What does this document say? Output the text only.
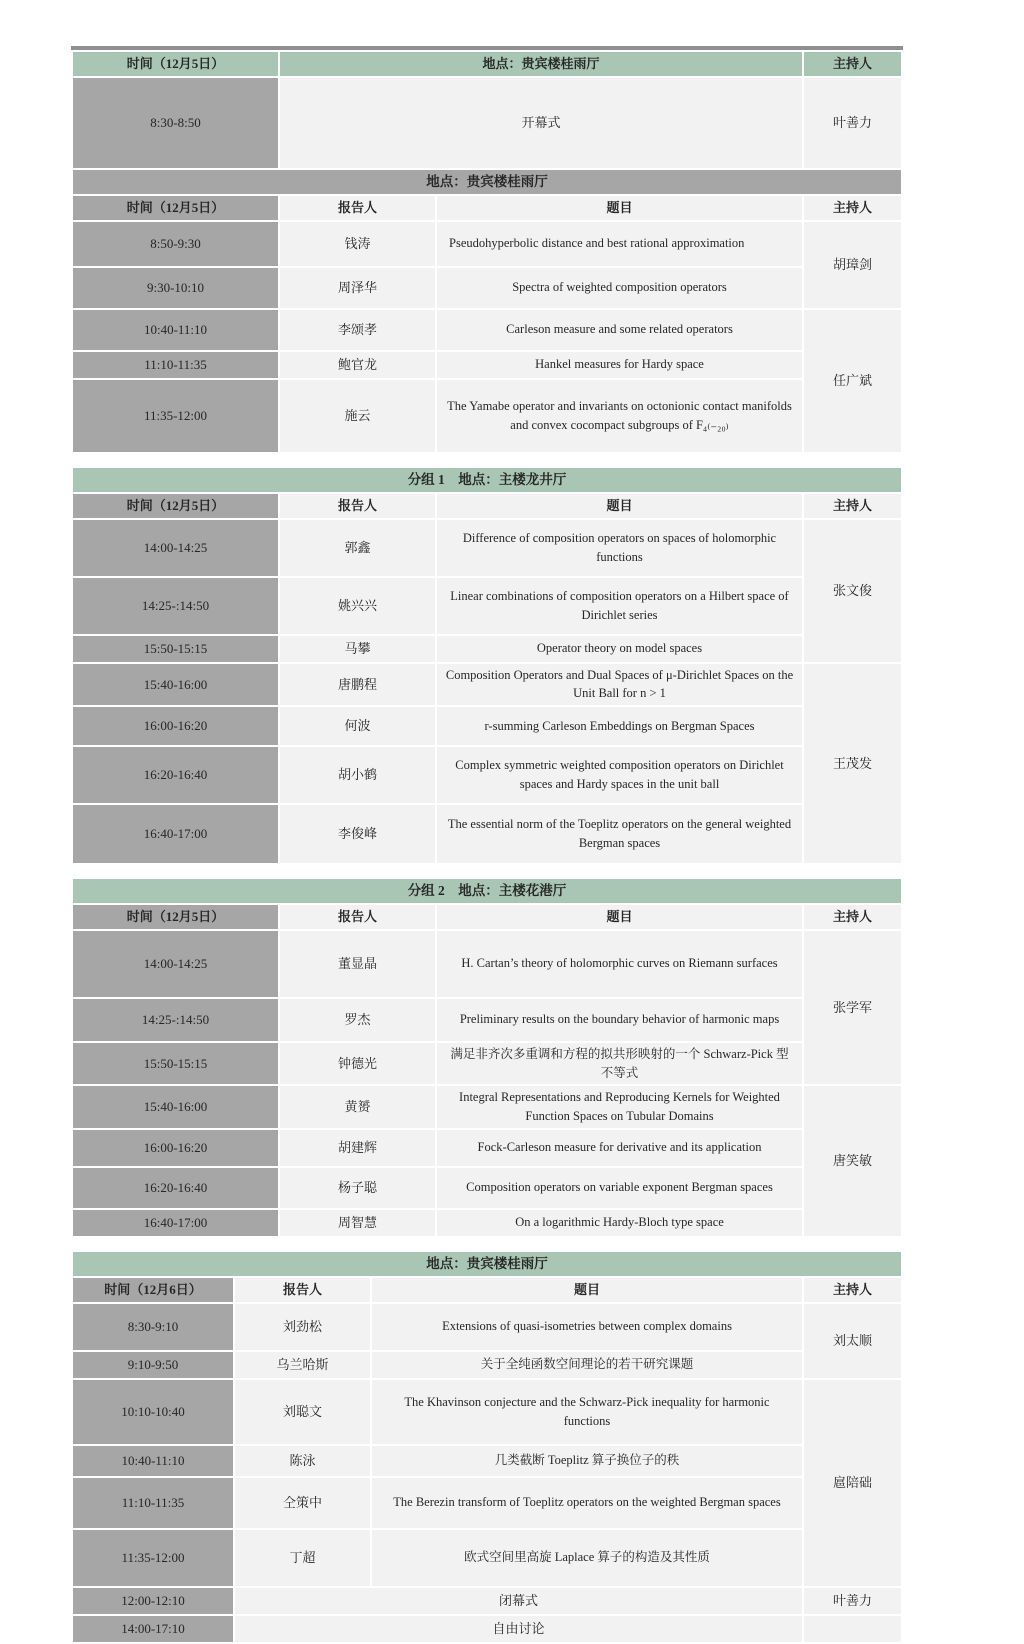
时间（12月5日）	地点：贵宾楼桂雨厅		主持人
8:30-8:50	开幕式		叶善力
地点：贵宾楼桂雨厅			
时间（12月5日）	报告人	题目	主持人
8:50-9:30	钱涛	Pseudohyperbolic distance and best rational approximation	胡璋剑
9:30-10:10	周泽华	Spectra of weighted composition operators	
10:40-11:10	李颂孝	Carleson measure and some related operators	任广斌
11:10-11:35	鲍官龙	Hankel measures for Hardy space	
11:35-12:00	施云	The Yamabe operator and invariants on octonionic contact manifolds and convex cocompact subgroups of F₄₍₋₂₀₎	
分组 1　地点：主楼龙井厅			
时间（12月5日）	报告人	题目	主持人
14:00-14:25	郭鑫	Difference of composition operators on spaces of holomorphic functions	张文俊
14:25-:14:50	姚兴兴	Linear combinations of composition operators on a Hilbert space of Dirichlet series	
15:50-15:15	马攀	Operator theory on model spaces	
15:40-16:00	唐鹏程	Composition Operators and Dual Spaces of μ-Dirichlet Spaces on the Unit Ball for n > 1	王茂发
16:00-16:20	何波	r-summing Carleson Embeddings on Bergman Spaces	
16:20-16:40	胡小鹤	Complex symmetric weighted composition operators on Dirichlet spaces and Hardy spaces in the unit ball	
16:40-17:00	李俊峰	The essential norm of the Toeplitz operators on the general weighted Bergman spaces	
分组 2　地点：主楼花港厅			
时间（12月5日）	报告人	题目	主持人
14:00-14:25	董显晶	H. Cartan’s theory of holomorphic curves on Riemann surfaces	张学军
14:25-:14:50	罗杰	Preliminary results on the boundary behavior of harmonic maps	
15:50-15:15	钟德光	满足非齐次多重调和方程的拟共形映射的一个 Schwarz-Pick 型不等式	
15:40-16:00	黄赟	Integral Representations and Reproducing Kernels for Weighted Function Spaces on Tubular Domains	唐笑敏
16:00-16:20	胡建辉	Fock-Carleson measure for derivative and its application	
16:20-16:40	杨子聪	Composition operators on variable exponent Bergman spaces	
16:40-17:00	周智慧	On a logarithmic Hardy-Bloch type space	
地点：贵宾楼桂雨厅			
时间（12月6日）	报告人	题目	主持人
8:30-9:10	刘劲松	Extensions of quasi-isometries between complex domains	刘太顺
9:10-9:50	乌兰哈斯	关于全纯函数空间理论的若干研究课题	
10:10-10:40	刘聪文	The Khavinson conjecture and the Schwarz-Pick inequality for harmonic functions	扈陪础
10:40-11:10	陈泳	几类截断 Toeplitz 算子换位子的秩	
11:10-11:35	仝策中	The Berezin transform of Toeplitz operators on the weighted Bergman spaces	
11:35-12:00	丁超	欧式空间里高旋 Laplace 算子的构造及其性质	
12:00-12:10	闭幕式		叶善力
14:00-17:10	自由讨论		
